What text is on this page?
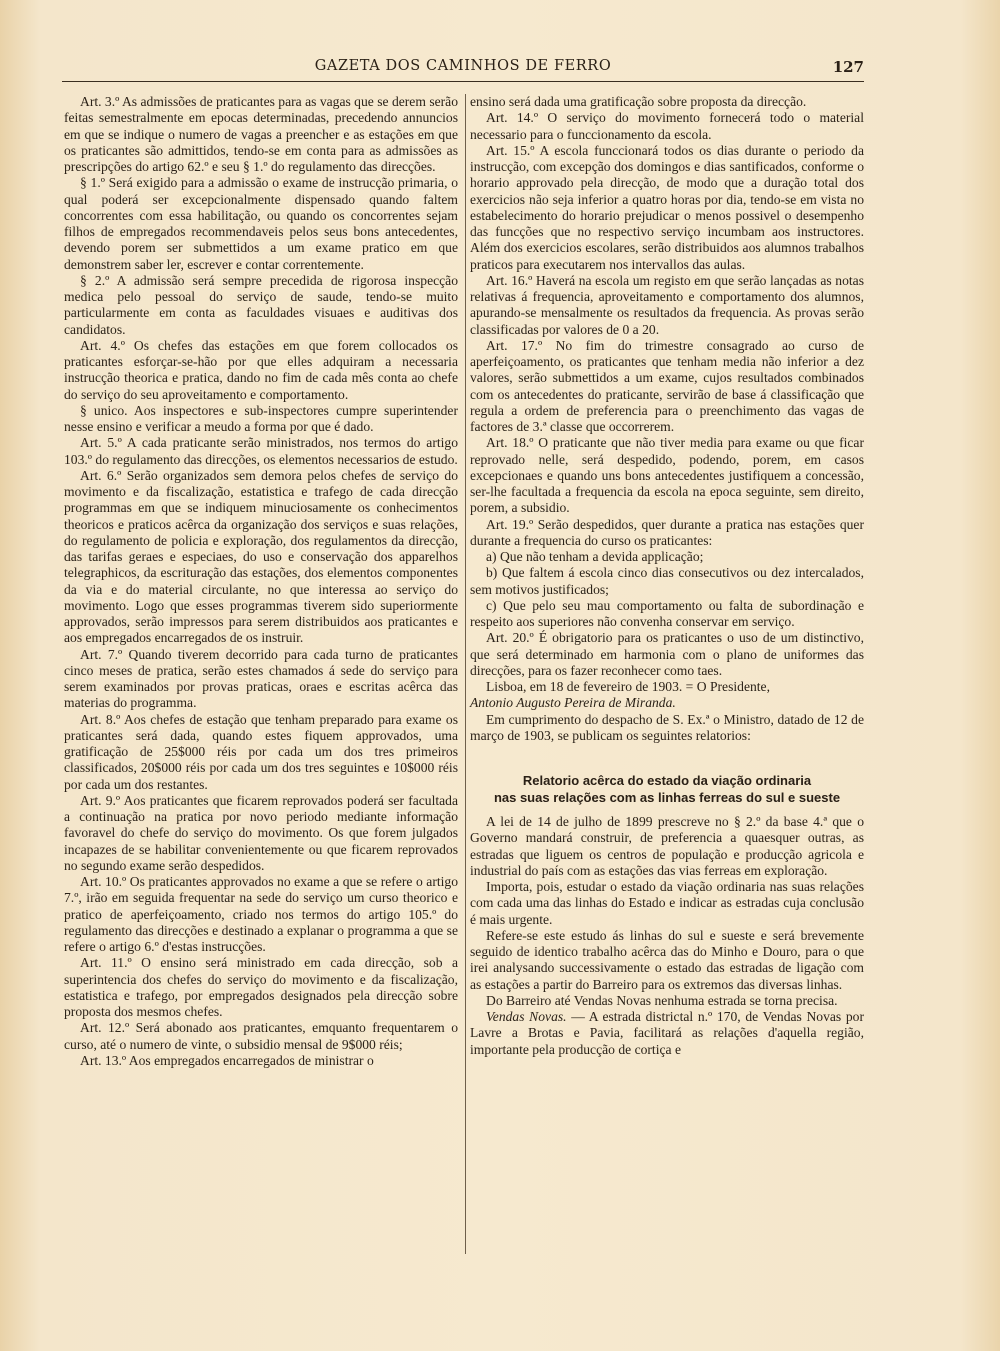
GAZETA DOS CAMINHOS DE FERRO	127

Art. 3.º As admissões de praticantes para as vagas que se derem serão feitas semestralmente em epocas determinadas, precedendo annuncios em que se indique o numero de vagas a preencher e as estações em que os praticantes são admittidos, tendo-se em conta para as admissões as prescripções do artigo 62.º e seu § 1.º do regulamento das direcções.

§ 1.º Será exigido para a admissão o exame de instrucção primaria, o qual poderá ser excepcionalmente dispensado quando faltem concorrentes com essa habilitação, ou quando os concorrentes sejam filhos de empregados recommendaveis pelos seus bons antecedentes, devendo porem ser submettidos a um exame pratico em que demonstrem saber ler, escrever e contar correntemente.

§ 2.º A admissão será sempre precedida de rigorosa inspecção medica pelo pessoal do serviço de saude, tendo-se muito particularmente em conta as faculdades visuaes e auditivas dos candidatos.

Art. 4.º Os chefes das estações em que forem collocados os praticantes esforçar-se-hão por que elles adquiram a necessaria instrucção theorica e pratica, dando no fim de cada mês conta ao chefe do serviço do seu aproveitamento e comportamento.

§ unico. Aos inspectores e sub-inspectores cumpre superintender nesse ensino e verificar a meudo a forma por que é dado.

Art. 5.º A cada praticante serão ministrados, nos termos do artigo 103.º do regulamento das direcções, os elementos necessarios de estudo.

Art. 6.º Serão organizados sem demora pelos chefes de serviço do movimento e da fiscalização, estatistica e trafego de cada direcção programmas em que se indiquem minuciosamente os conhecimentos theoricos e praticos acêrca da organização dos serviços e suas relações, do regulamento de policia e exploração, dos regulamentos da direcção, das tarifas geraes e especiaes, do uso e conservação dos apparelhos telegraphicos, da escrituração das estações, dos elementos componentes da via e do material circulante, no que interessa ao serviço do movimento. Logo que esses programmas tiverem sido superiormente approvados, serão impressos para serem distribuidos aos praticantes e aos empregados encarregados de os instruir.

Art. 7.º Quando tiverem decorrido para cada turno de praticantes cinco meses de pratica, serão estes chamados á sede do serviço para serem examinados por provas praticas, oraes e escritas acêrca das materias do programma.

Art. 8.º Aos chefes de estação que tenham preparado para exame os praticantes será dada, quando estes fiquem approvados, uma gratificação de 25$000 réis por cada um dos tres primeiros classificados, 20$000 réis por cada um dos tres seguintes e 10$000 réis por cada um dos restantes.

Art. 9.º Aos praticantes que ficarem reprovados poderá ser facultada a continuação na pratica por novo periodo mediante informação favoravel do chefe do serviço do movimento. Os que forem julgados incapazes de se habilitar convenientemente ou que ficarem reprovados no segundo exame serão despedidos.

Art. 10.º Os praticantes approvados no exame a que se refere o artigo 7.º, irão em seguida frequentar na sede do serviço um curso theorico e pratico de aperfeiçoamento, criado nos termos do artigo 105.º do regulamento das direcções e destinado a explanar o programma a que se refere o artigo 6.º d'estas instrucções.

Art. 11.º O ensino será ministrado em cada direcção, sob a superintencia dos chefes do serviço do movimento e da fiscalização, estatistica e trafego, por empregados designados pela direcção sobre proposta dos mesmos chefes.

Art. 12.º Será abonado aos praticantes, emquanto frequentarem o curso, até o numero de vinte, o subsidio mensal de 9$000 réis;

Art. 13.º Aos empregados encarregados de ministrar o

ensino será dada uma gratificação sobre proposta da direcção.

Art. 14.º O serviço do movimento fornecerá todo o material necessario para o funccionamento da escola.

Art. 15.º A escola funccionará todos os dias durante o periodo da instrucção, com excepção dos domingos e dias santificados, conforme o horario approvado pela direcção, de modo que a duração total dos exercicios não seja inferior a quatro horas por dia, tendo-se em vista no estabelecimento do horario prejudicar o menos possivel o desempenho das funcções que no respectivo serviço incumbam aos instructores. Além dos exercicios escolares, serão distribuidos aos alumnos trabalhos praticos para executarem nos intervallos das aulas.

Art. 16.º Haverá na escola um registo em que serão lançadas as notas relativas á frequencia, aproveitamento e comportamento dos alumnos, apurando-se mensalmente os resultados da frequencia. As provas serão classificadas por valores de 0 a 20.

Art. 17.º No fim do trimestre consagrado ao curso de aperfeiçoamento, os praticantes que tenham media não inferior a dez valores, serão submettidos a um exame, cujos resultados combinados com os antecedentes do praticante, servirão de base á classificação que regula a ordem de preferencia para o preenchimento das vagas de factores de 3.ª classe que occorrerem.

Art. 18.º O praticante que não tiver media para exame ou que ficar reprovado nelle, será despedido, podendo, porem, em casos excepcionaes e quando uns bons antecedentes justifiquem a concessão, ser-lhe facultada a frequencia da escola na epoca seguinte, sem direito, porem, a subsidio.

Art. 19.º Serão despedidos, quer durante a pratica nas estações quer durante a frequencia do curso os praticantes:

a) Que não tenham a devida applicação;

b) Que faltem á escola cinco dias consecutivos ou dez intercalados, sem motivos justificados;

c) Que pelo seu mau comportamento ou falta de subordinação e respeito aos superiores não convenha conservar em serviço.

Art. 20.º É obrigatorio para os praticantes o uso de um distinctivo, que será determinado em harmonia com o plano de uniformes das direcções, para os fazer reconhecer como taes.

Lisboa, em 18 de fevereiro de 1903. = O Presidente,

Antonio Augusto Pereira de Miranda.

Em cumprimento do despacho de S. Ex.ª o Ministro, datado de 12 de março de 1903, se publicam os seguintes relatorios:

Relatorio acêrca do estado da viação ordinaria
nas suas relações com as linhas ferreas do sul e sueste

A lei de 14 de julho de 1899 prescreve no § 2.º da base 4.ª que o Governo mandará construir, de preferencia a quaesquer outras, as estradas que liguem os centros de população e producção agricola e industrial do país com as estações das vias ferreas em exploração.

Importa, pois, estudar o estado da viação ordinaria nas suas relações com cada uma das linhas do Estado e indicar as estradas cuja conclusão é mais urgente.

Refere-se este estudo ás linhas do sul e sueste e será brevemente seguido de identico trabalho acêrca das do Minho e Douro, para o que irei analysando successivamente o estado das estradas de ligação com as estações a partir do Barreiro para os extremos das diversas linhas.

Do Barreiro até Vendas Novas nenhuma estrada se torna precisa.

Vendas Novas. — A estrada districtal n.º 170, de Vendas Novas por Lavre a Brotas e Pavia, facilitará as relações d'aquella região, importante pela producção de cortiça e
